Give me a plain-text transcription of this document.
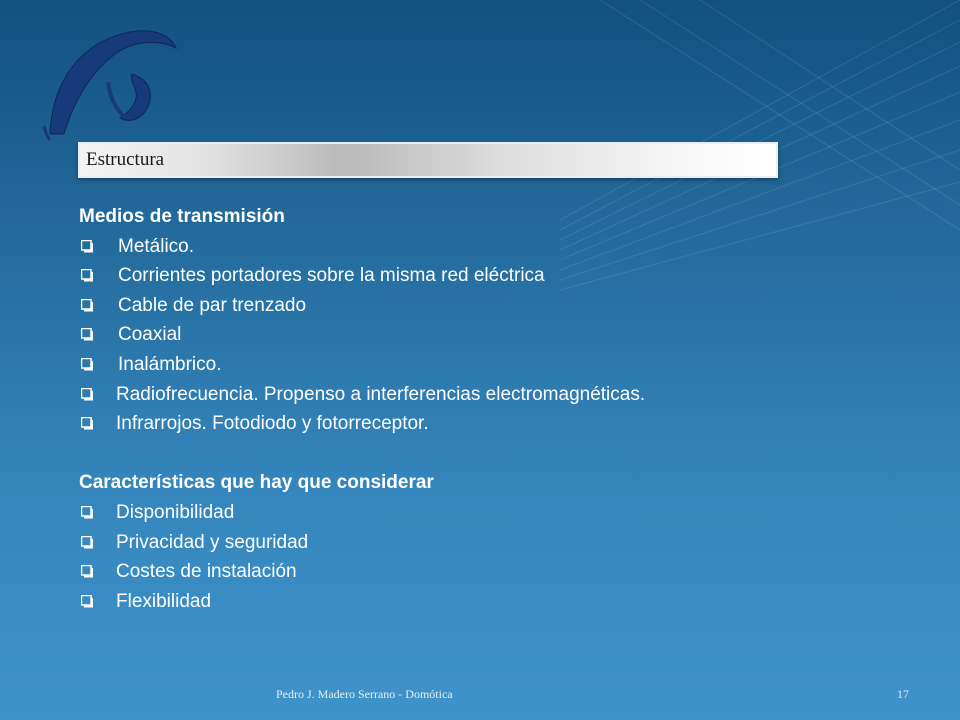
Estructura
Medios de transmisión
Metálico.
Corrientes portadores sobre la misma red eléctrica
Cable de par trenzado
Coaxial
Inalámbrico.
Radiofrecuencia. Propenso a interferencias electromagnéticas.
Infrarrojos. Fotodiodo y fotorreceptor.
Características que hay que considerar
Disponibilidad
Privacidad y seguridad
Costes de instalación
Flexibilidad
Pedro J. Madero Serrano - Domótica	17
